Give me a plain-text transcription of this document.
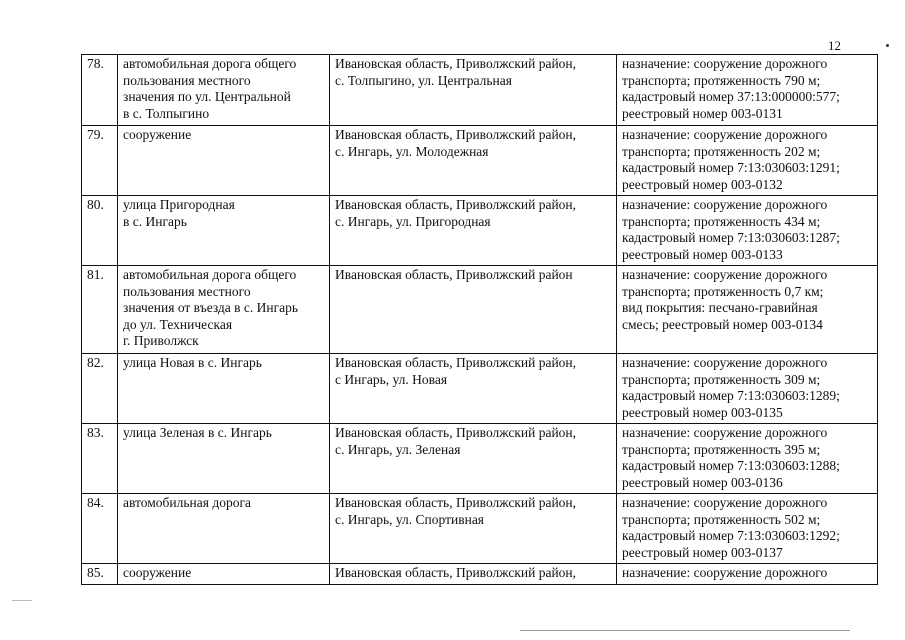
12
78.	автомобильная дорога общего
пользования местного
значения по ул. Центральной
в с. Толпыгино	Ивановская область, Приволжский район,
с. Толпыгино, ул. Центральная	назначение: сооружение дорожного
транспорта; протяженность 790 м;
кадастровый номер 37:13:000000:577;
реестровый номер 003-0131
79.	сооружение	Ивановская область, Приволжский район,
с. Ингарь, ул. Молодежная	назначение: сооружение дорожного
транспорта; протяженность 202 м;
кадастровый номер 7:13:030603:1291;
реестровый номер 003-0132
80.	улица Пригородная
в с. Ингарь	Ивановская область, Приволжский район,
с. Ингарь, ул. Пригородная	назначение: сооружение дорожного
транспорта; протяженность 434 м;
кадастровый номер 7:13:030603:1287;
реестровый номер 003-0133
81.	автомобильная дорога общего
пользования местного
значения от въезда в с. Ингарь
до ул. Техническая
г. Приволжск	Ивановская область, Приволжский район	назначение: сооружение дорожного
транспорта; протяженность 0,7 км;
вид покрытия: песчано-гравийная
смесь; реестровый номер 003-0134
82.	улица Новая в с. Ингарь	Ивановская область, Приволжский район,
с Ингарь, ул. Новая	назначение: сооружение дорожного
транспорта; протяженность 309 м;
кадастровый номер 7:13:030603:1289;
реестровый номер 003-0135
83.	улица Зеленая в с. Ингарь	Ивановская область, Приволжский район,
с. Ингарь, ул. Зеленая	назначение: сооружение дорожного
транспорта; протяженность 395 м;
кадастровый номер 7:13:030603:1288;
реестровый номер 003-0136
84.	автомобильная дорога	Ивановская область, Приволжский район,
с. Ингарь, ул. Спортивная	назначение: сооружение дорожного
транспорта; протяженность 502 м;
кадастровый номер 7:13:030603:1292;
реестровый номер 003-0137
85.	сооружение	Ивановская область, Приволжский район,	назначение: сооружение дорожного
